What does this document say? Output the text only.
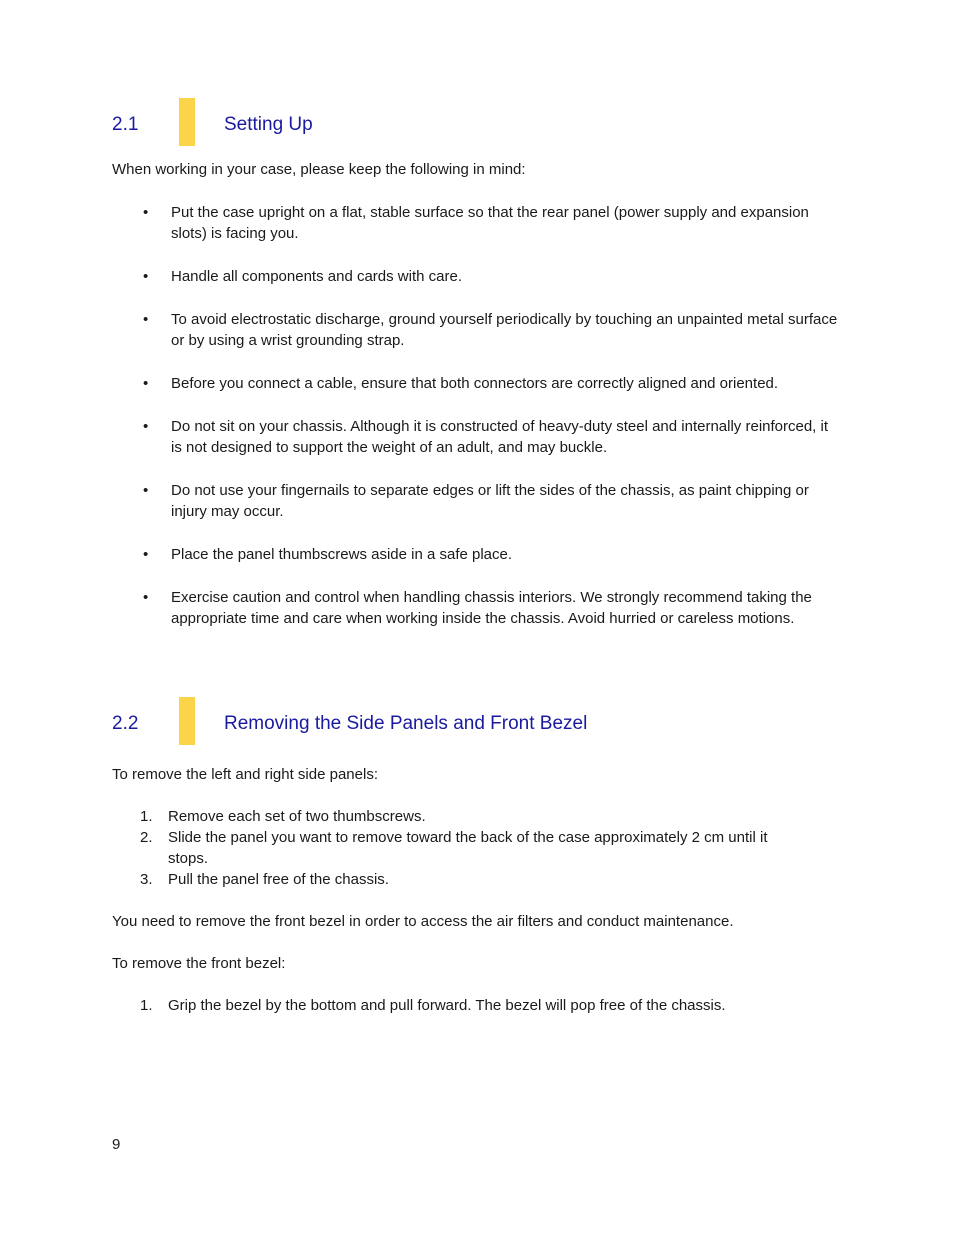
2.1	Setting Up
When working in your case, please keep the following in mind:
• Put the case upright on a flat, stable surface so that the rear panel (power supply and expansion slots) is facing you.
• Handle all components and cards with care.
• To avoid electrostatic discharge, ground yourself periodically by touching an unpainted metal surface or by using a wrist grounding strap.
• Before you connect a cable, ensure that both connectors are correctly aligned and oriented.
• Do not sit on your chassis. Although it is constructed of heavy-duty steel and internally reinforced, it is not designed to support the weight of an adult, and may buckle.
• Do not use your fingernails to separate edges or lift the sides of the chassis, as paint chipping or injury may occur.
• Place the panel thumbscrews aside in a safe place.
• Exercise caution and control when handling chassis interiors. We strongly recommend taking the appropriate time and care when working inside the chassis. Avoid hurried or careless motions.
2.2	Removing the Side Panels and Front Bezel
To remove the left and right side panels:
1. Remove each set of two thumbscrews.
2. Slide the panel you want to remove toward the back of the case approximately 2 cm until it stops.
3. Pull the panel free of the chassis.
You need to remove the front bezel in order to access the air filters and conduct maintenance.
To remove the front bezel:
1. Grip the bezel by the bottom and pull forward. The bezel will pop free of the chassis.
9
